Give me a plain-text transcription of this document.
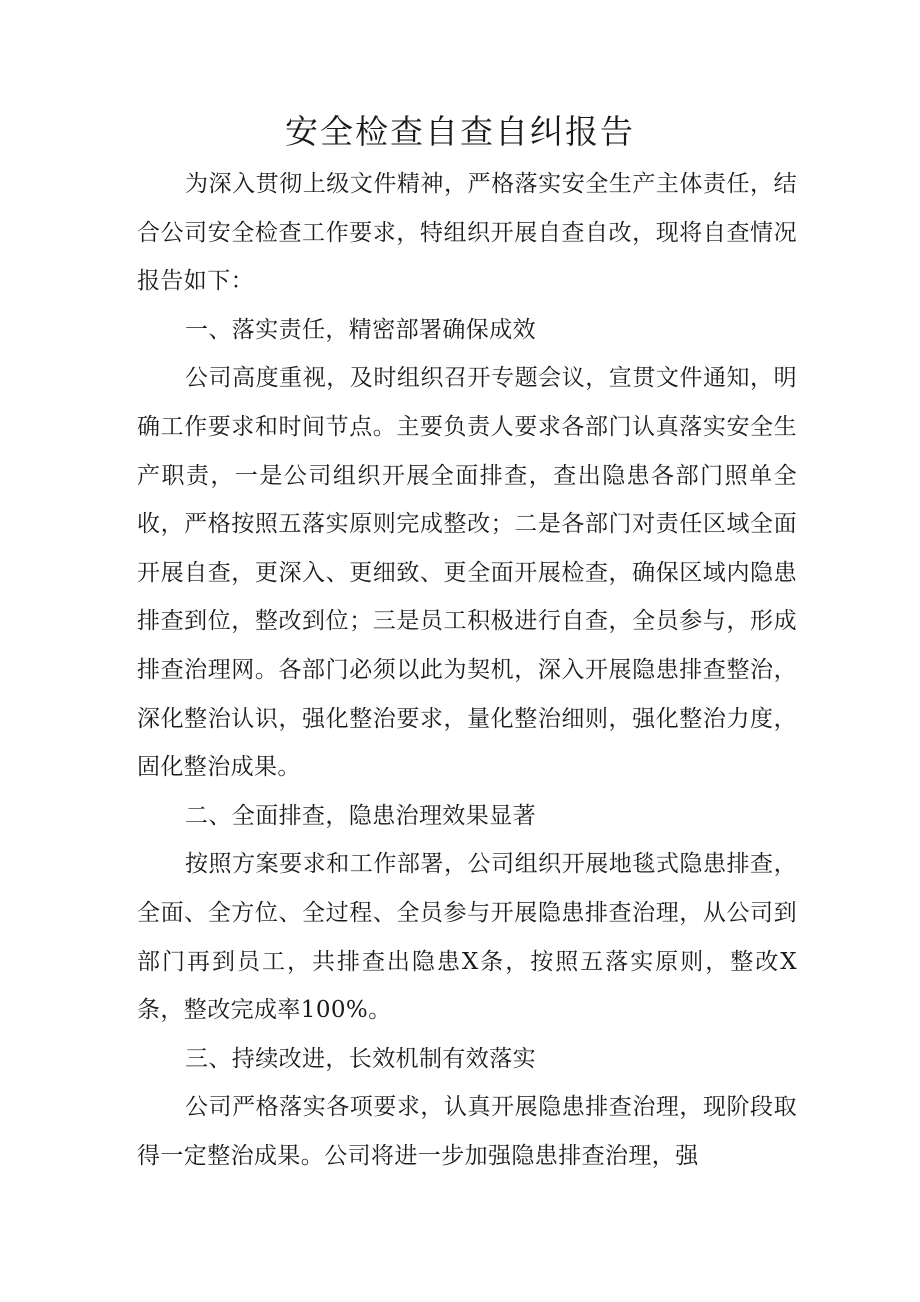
安全检查自查自纠报告

为深入贯彻上级文件精神，严格落实安全生产主体责任，结合公司安全检查工作要求，特组织开展自查自改，现将自查情况报告如下：

一、落实责任，精密部署确保成效

公司高度重视，及时组织召开专题会议，宣贯文件通知，明确工作要求和时间节点。主要负责人要求各部门认真落实安全生产职责，一是公司组织开展全面排查，查出隐患各部门照单全收，严格按照五落实原则完成整改；二是各部门对责任区域全面开展自查，更深入、更细致、更全面开展检查，确保区域内隐患排查到位，整改到位；三是员工积极进行自查，全员参与，形成排查治理网。各部门必须以此为契机，深入开展隐患排查整治，深化整治认识，强化整治要求，量化整治细则，强化整治力度，固化整治成果。

二、全面排查，隐患治理效果显著

按照方案要求和工作部署，公司组织开展地毯式隐患排查，全面、全方位、全过程、全员参与开展隐患排查治理，从公司到部门再到员工，共排查出隐患X条，按照五落实原则，整改X条，整改完成率100%。

三、持续改进，长效机制有效落实

公司严格落实各项要求，认真开展隐患排查治理，现阶段取得一定整治成果。公司将进一步加强隐患排查治理，强
